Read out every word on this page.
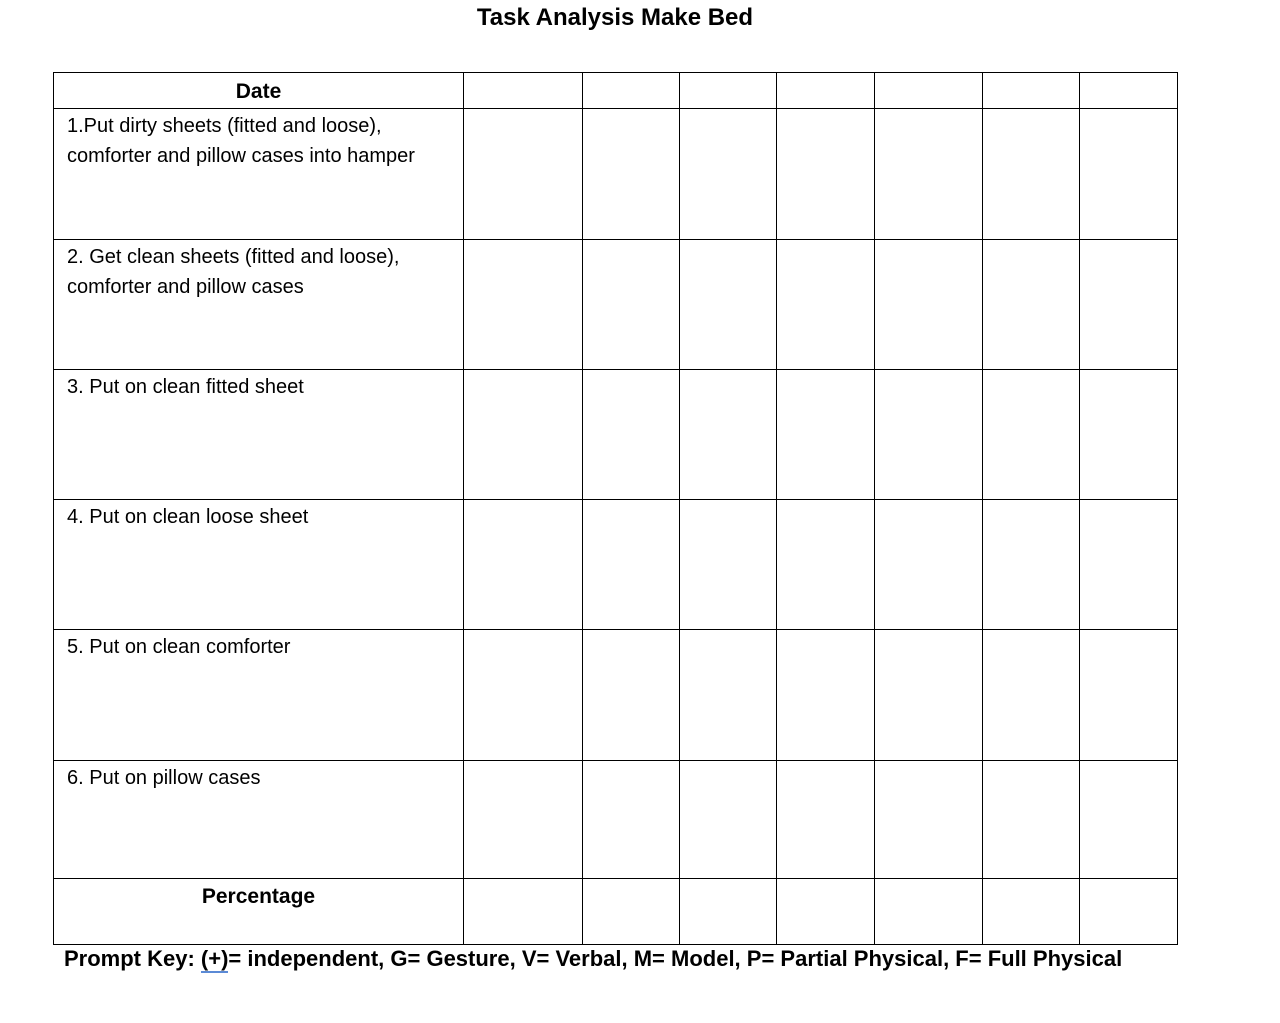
Task Analysis Make Bed
Date							
1.Put dirty sheets (fitted and loose), comforter and pillow cases into hamper							
2. Get clean sheets (fitted and loose), comforter and pillow cases							
3. Put on clean fitted sheet							
4. Put on clean loose sheet							
5. Put on clean comforter							
6. Put on pillow cases							
Percentage							
Prompt Key: (+)= independent, G= Gesture, V= Verbal, M= Model, P= Partial Physical, F= Full Physical
